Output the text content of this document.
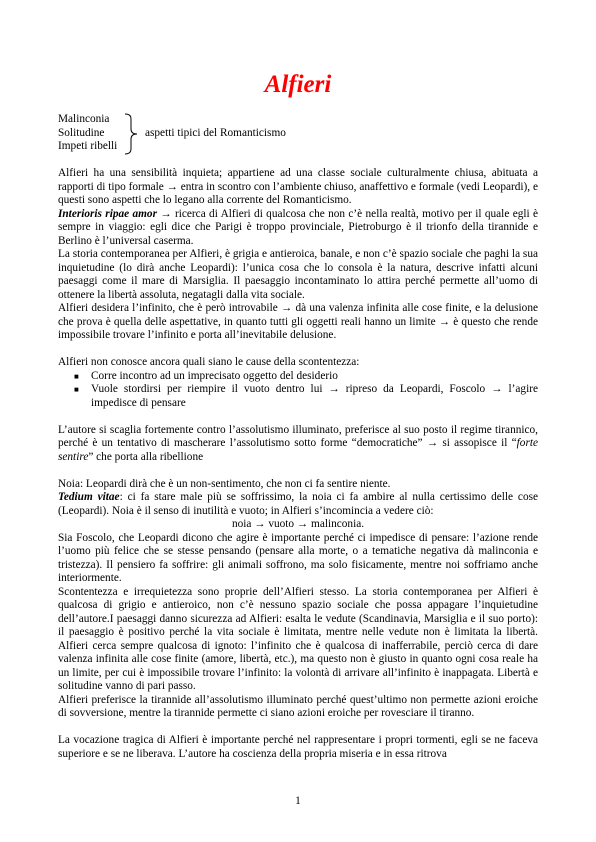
Alfieri
Malinconia
Solitudine
Impeti ribelli
aspetti tipici del Romanticismo

Alfieri ha una sensibilità inquieta; appartiene ad una classe sociale culturalmente chiusa, abituata a rapporti di tipo formale → entra in scontro con l’ambiente chiuso, anaffettivo e formale (vedi Leopardi), e questi sono aspetti che lo legano alla corrente del Romanticismo.

Interioris ripae amor → ricerca di Alfieri di qualcosa che non c’è nella realtà, motivo per il quale egli è sempre in viaggio: egli dice che Parigi è troppo provinciale, Pietroburgo è il trionfo della tirannide e Berlino è l’universal caserma.

La storia contemporanea per Alfieri, è grigia e antieroica, banale, e non c’è spazio sociale che paghi la sua inquietudine (lo dirà anche Leopardi): l’unica cosa che lo consola è la natura, descrive infatti alcuni paesaggi come il mare di Marsiglia. Il paesaggio incontaminato lo attira perché permette all’uomo di ottenere la libertà assoluta, negatagli dalla vita sociale.

Alfieri desidera l’infinito, che è però introvabile → dà una valenza infinita alle cose finite, e la delusione che prova è quella delle aspettative, in quanto tutti gli oggetti reali hanno un limite → è questo che rende impossibile trovare l’infinito e porta all’inevitabile delusione.

Alfieri non conosce ancora quali siano le cause della scontentezza:

■ Corre incontro ad un imprecisato oggetto del desiderio
■ Vuole stordirsi per riempire il vuoto dentro lui → ripreso da Leopardi, Foscolo → l’agire impedisce di pensare

L’autore si scaglia fortemente contro l’assolutismo illuminato, preferisce al suo posto il regime tirannico, perché è un tentativo di mascherare l’assolutismo sotto forme “democratiche” → si assopisce il “forte sentire” che porta alla ribellione

Noia: Leopardi dirà che è un non-sentimento, che non ci fa sentire niente.

Tedium vitae: ci fa stare male più se soffrissimo, la noia ci fa ambire al nulla certissimo delle cose (Leopardi). Noia è il senso di inutilità e vuoto; in Alfieri s’incomincia a vedere ciò:

noia → vuoto → malinconia.

Sia Foscolo, che Leopardi dicono che agire è importante perché ci impedisce di pensare: l’azione rende l’uomo più felice che se stesse pensando (pensare alla morte, o a tematiche negativa dà malinconia e tristezza). Il pensiero fa soffrire: gli animali soffrono, ma solo fisicamente, mentre noi soffriamo anche interiormente.

Scontentezza e irrequietezza sono proprie dell’Alfieri stesso. La storia contemporanea per Alfieri è qualcosa di grigio e antieroico, non c’è nessuno spazio sociale che possa appagare l’inquietudine dell’autore.I paesaggi danno sicurezza ad Alfieri: esalta le vedute (Scandinavia, Marsiglia e il suo porto): il paesaggio è positivo perché la vita sociale è limitata, mentre nelle vedute non è limitata la libertà. Alfieri cerca sempre qualcosa di ignoto: l’infinito che è qualcosa di inafferrabile, perciò cerca di dare valenza infinita alle cose finite (amore, libertà, etc.), ma questo non è giusto in quanto ogni cosa reale ha un limite, per cui è impossibile trovare l’infinito: la volontà di arrivare all’infinito è inappagata. Libertà e solitudine vanno di pari passo.

Alfieri preferisce la tirannide all’assolutismo illuminato perché quest’ultimo non permette azioni eroiche di sovversione, mentre la tirannide permette ci siano azioni eroiche per rovesciare il tiranno.

La vocazione tragica di Alfieri è importante perché nel rappresentare i propri tormenti, egli se ne faceva superiore e se ne liberava. L’autore ha coscienza della propria miseria e in essa ritrova

1
